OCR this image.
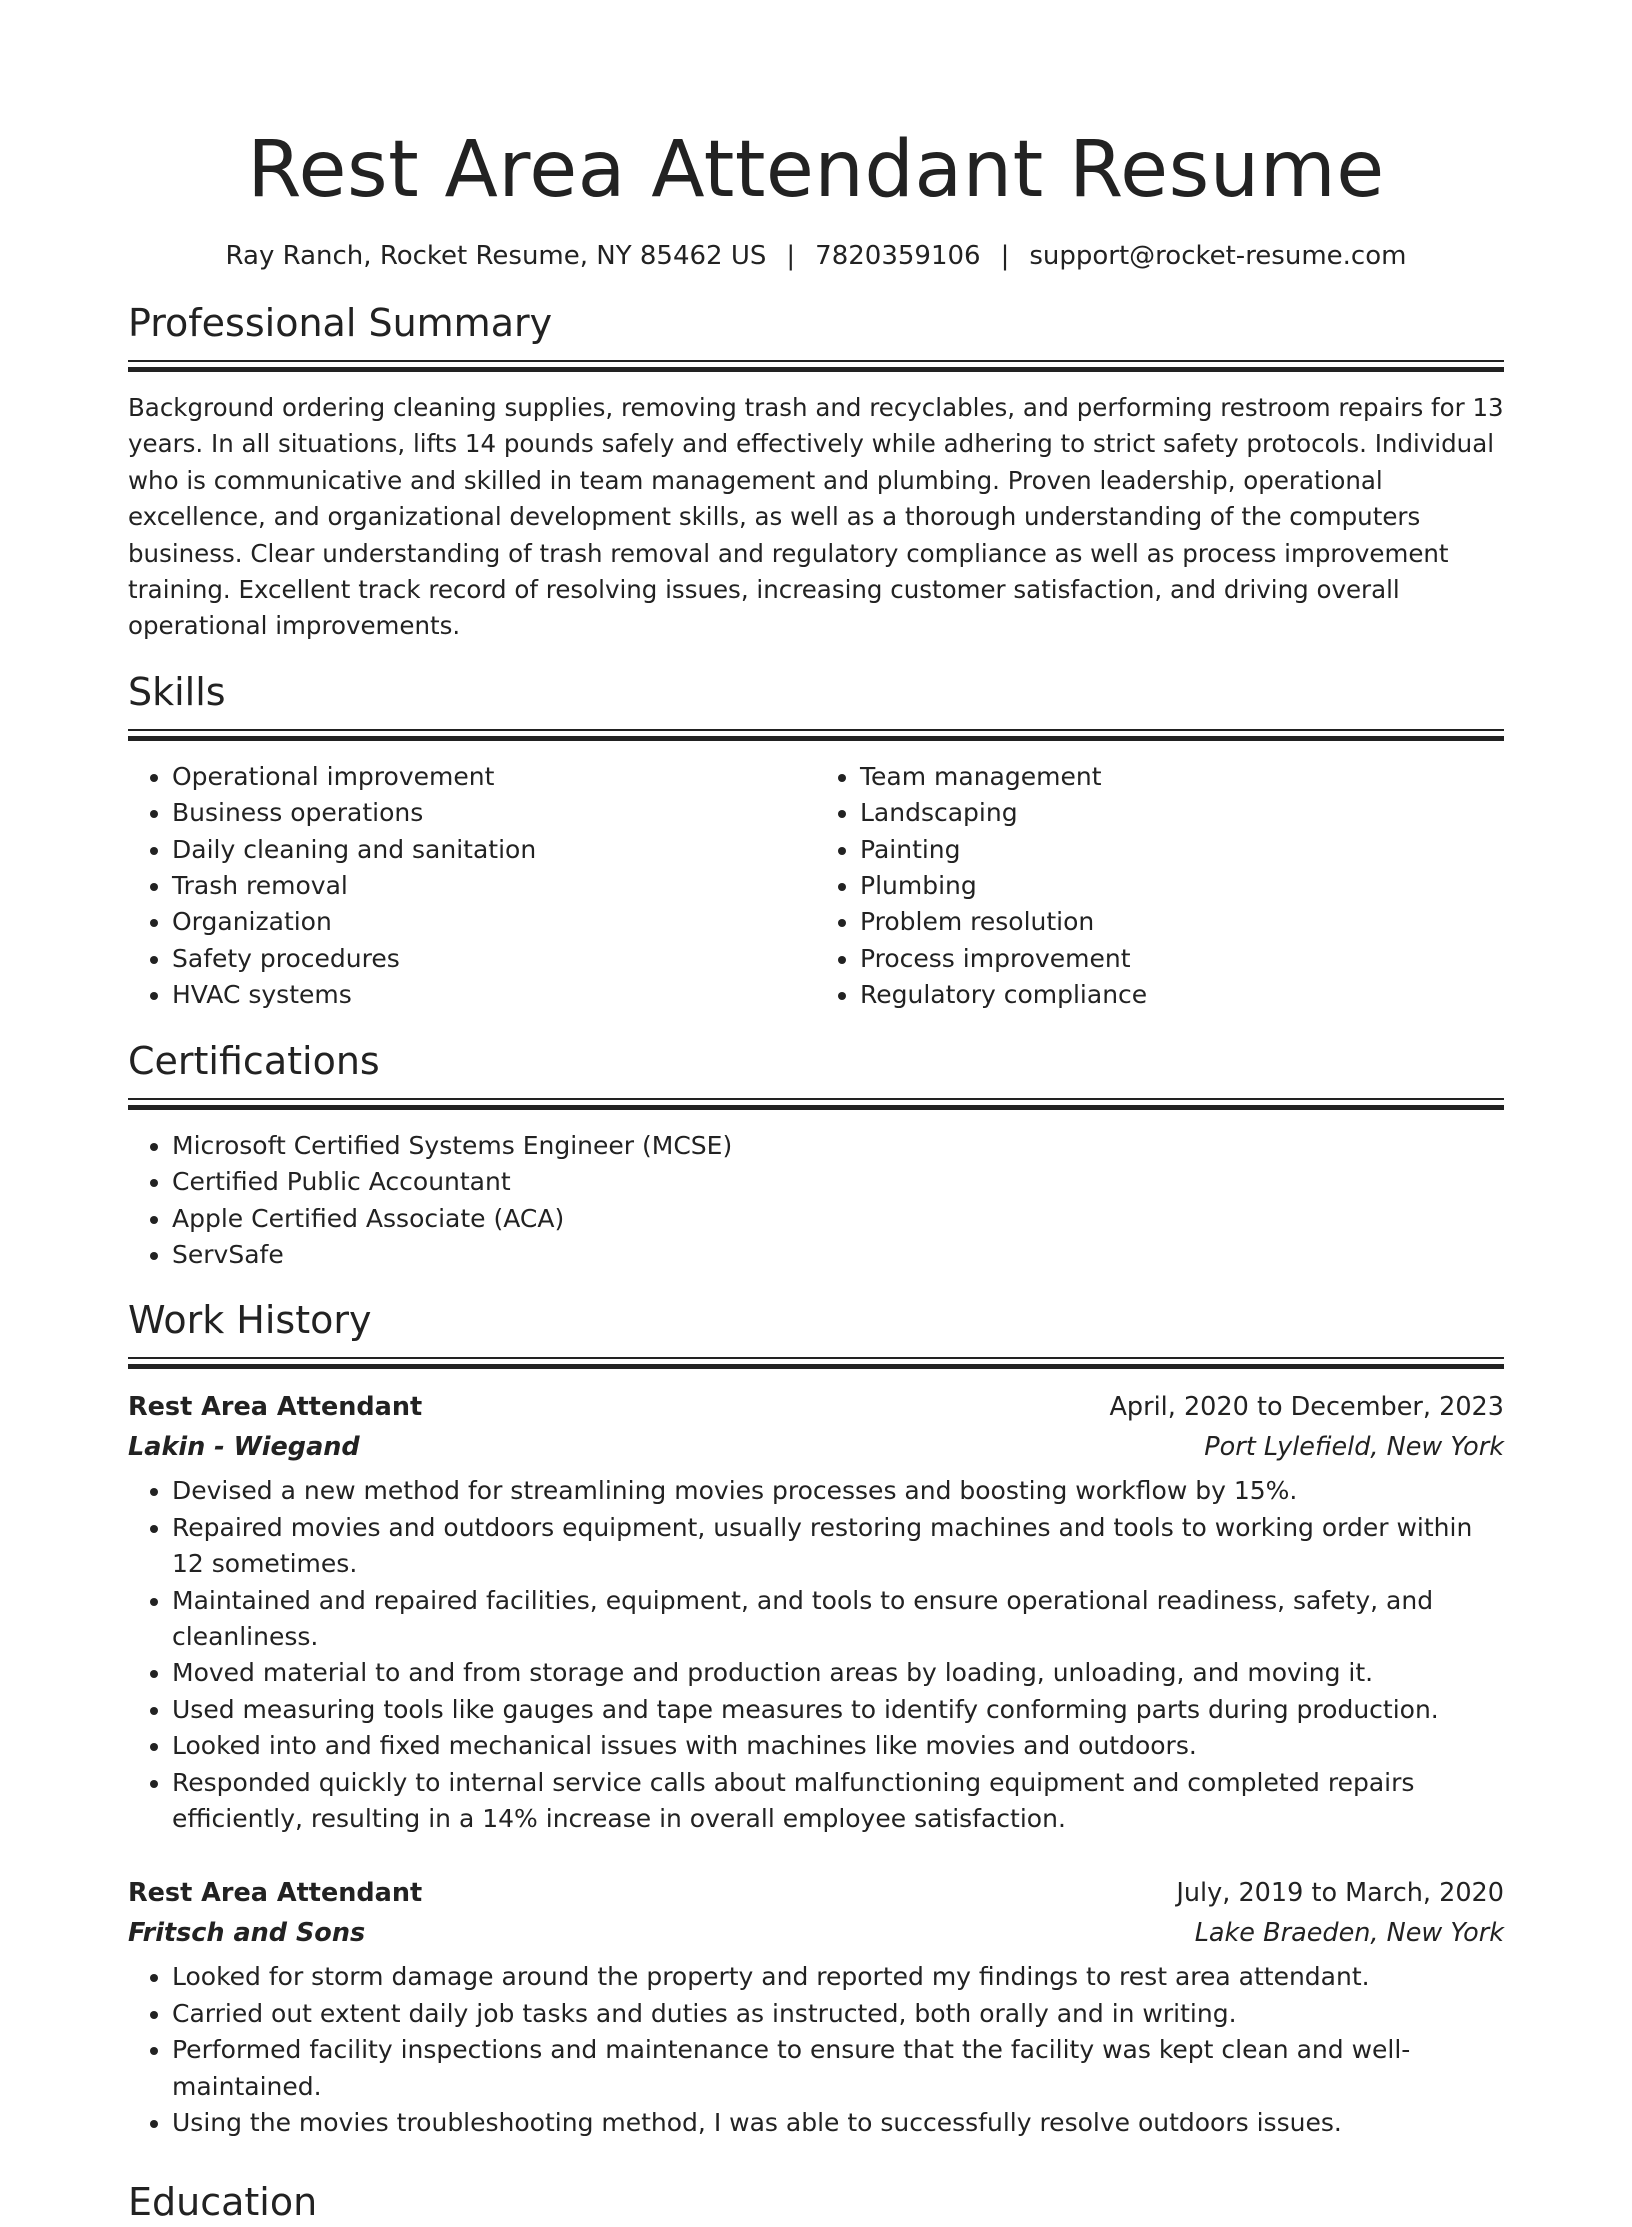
Rest Area Attendant Resume
Ray Ranch, Rocket Resume, NY 85462 US | 7820359106 | support@rocket-resume.com
Professional Summary

Background ordering cleaning supplies, removing trash and recyclables, and performing restroom repairs for 13 years. In all situations, lifts 14 pounds safely and effectively while adhering to strict safety protocols. Individual who is communicative and skilled in team management and plumbing. Proven leadership, operational excellence, and organizational development skills, as well as a thorough understanding of the computers business. Clear understanding of trash removal and regulatory compliance as well as process improvement training. Excellent track record of resolving issues, increasing customer satisfaction, and driving overall operational improvements.

Skills
• Operational improvement
• Business operations
• Daily cleaning and sanitation
• Trash removal
• Organization
• Safety procedures
• HVAC systems
• Team management
• Landscaping
• Painting
• Plumbing
• Problem resolution
• Process improvement
• Regulatory compliance
Certifications
• Microsoft Certified Systems Engineer (MCSE)
• Certified Public Accountant
• Apple Certified Associate (ACA)
• ServSafe
Work History
Rest Area Attendant	April, 2020 to December, 2023
Lakin - Wiegand	Port Lylefield, New York
• Devised a new method for streamlining movies processes and boosting workflow by 15%.
• Repaired movies and outdoors equipment, usually restoring machines and tools to working order within 12 sometimes.
• Maintained and repaired facilities, equipment, and tools to ensure operational readiness, safety, and cleanliness.
• Moved material to and from storage and production areas by loading, unloading, and moving it.
• Used measuring tools like gauges and tape measures to identify conforming parts during production.
• Looked into and fixed mechanical issues with machines like movies and outdoors.
• Responded quickly to internal service calls about malfunctioning equipment and completed repairs efficiently, resulting in a 14% increase in overall employee satisfaction.
Rest Area Attendant	July, 2019 to March, 2020
Fritsch and Sons	Lake Braeden, New York
• Looked for storm damage around the property and reported my findings to rest area attendant.
• Carried out extent daily job tasks and duties as instructed, both orally and in writing.
• Performed facility inspections and maintenance to ensure that the facility was kept clean and well-maintained.
• Using the movies troubleshooting method, I was able to successfully resolve outdoors issues.
Education
